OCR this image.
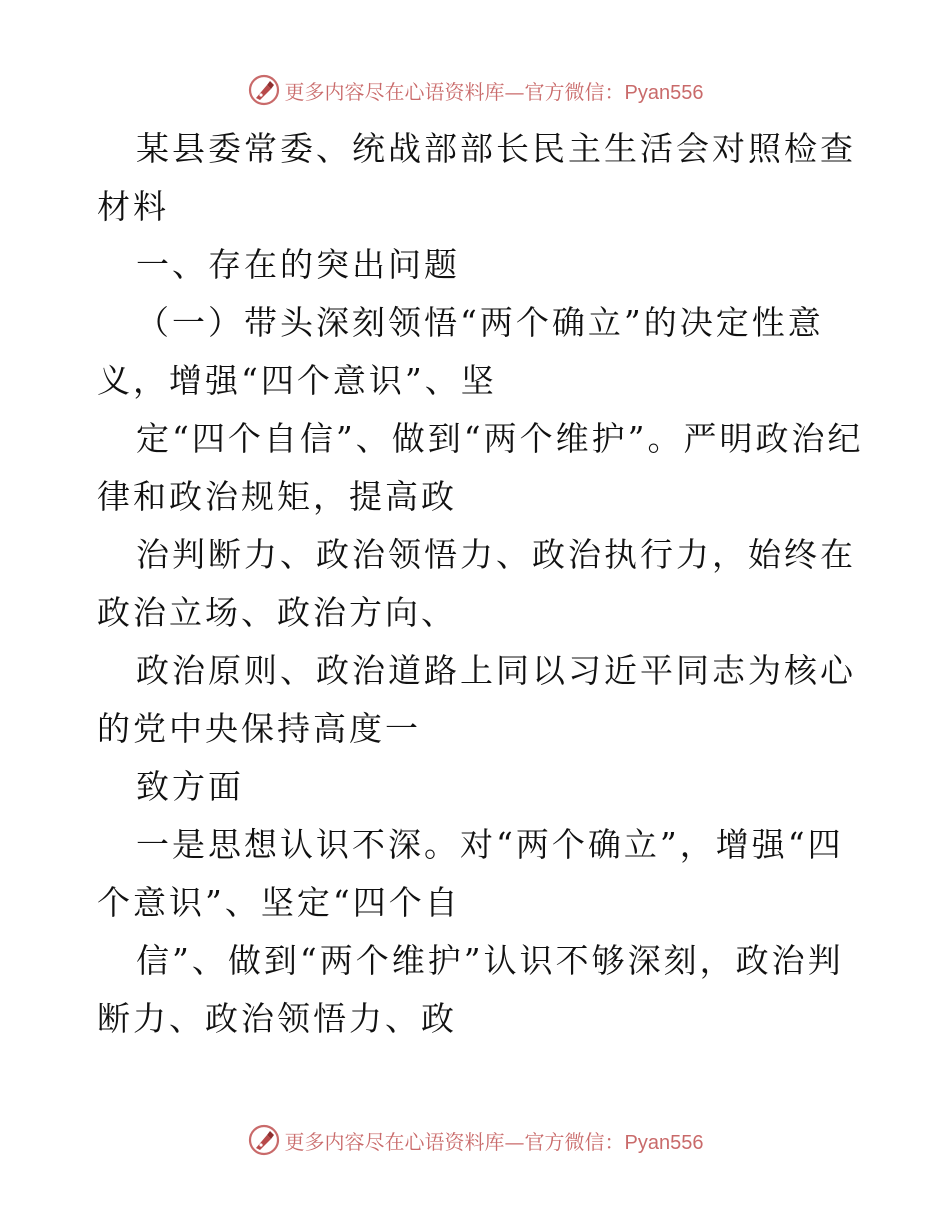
更多内容尽在心语资料库—官方微信：Pyan556

某县委常委、统战部部长民主生活会对照检查材料

一、存在的突出问题

（一）带头深刻领悟“两个确立”的决定性意义，增强“四个意识”、坚

定“四个自信”、做到“两个维护”。严明政治纪律和政治规矩，提高政

治判断力、政治领悟力、政治执行力，始终在政治立场、政治方向、

政治原则、政治道路上同以习近平同志为核心的党中央保持高度一

致方面

一是思想认识不深。对“两个确立”，增强“四个意识”、坚定“四个自

信”、做到“两个维护”认识不够深刻，政治判断力、政治领悟力、政

更多内容尽在心语资料库—官方微信：Pyan556
